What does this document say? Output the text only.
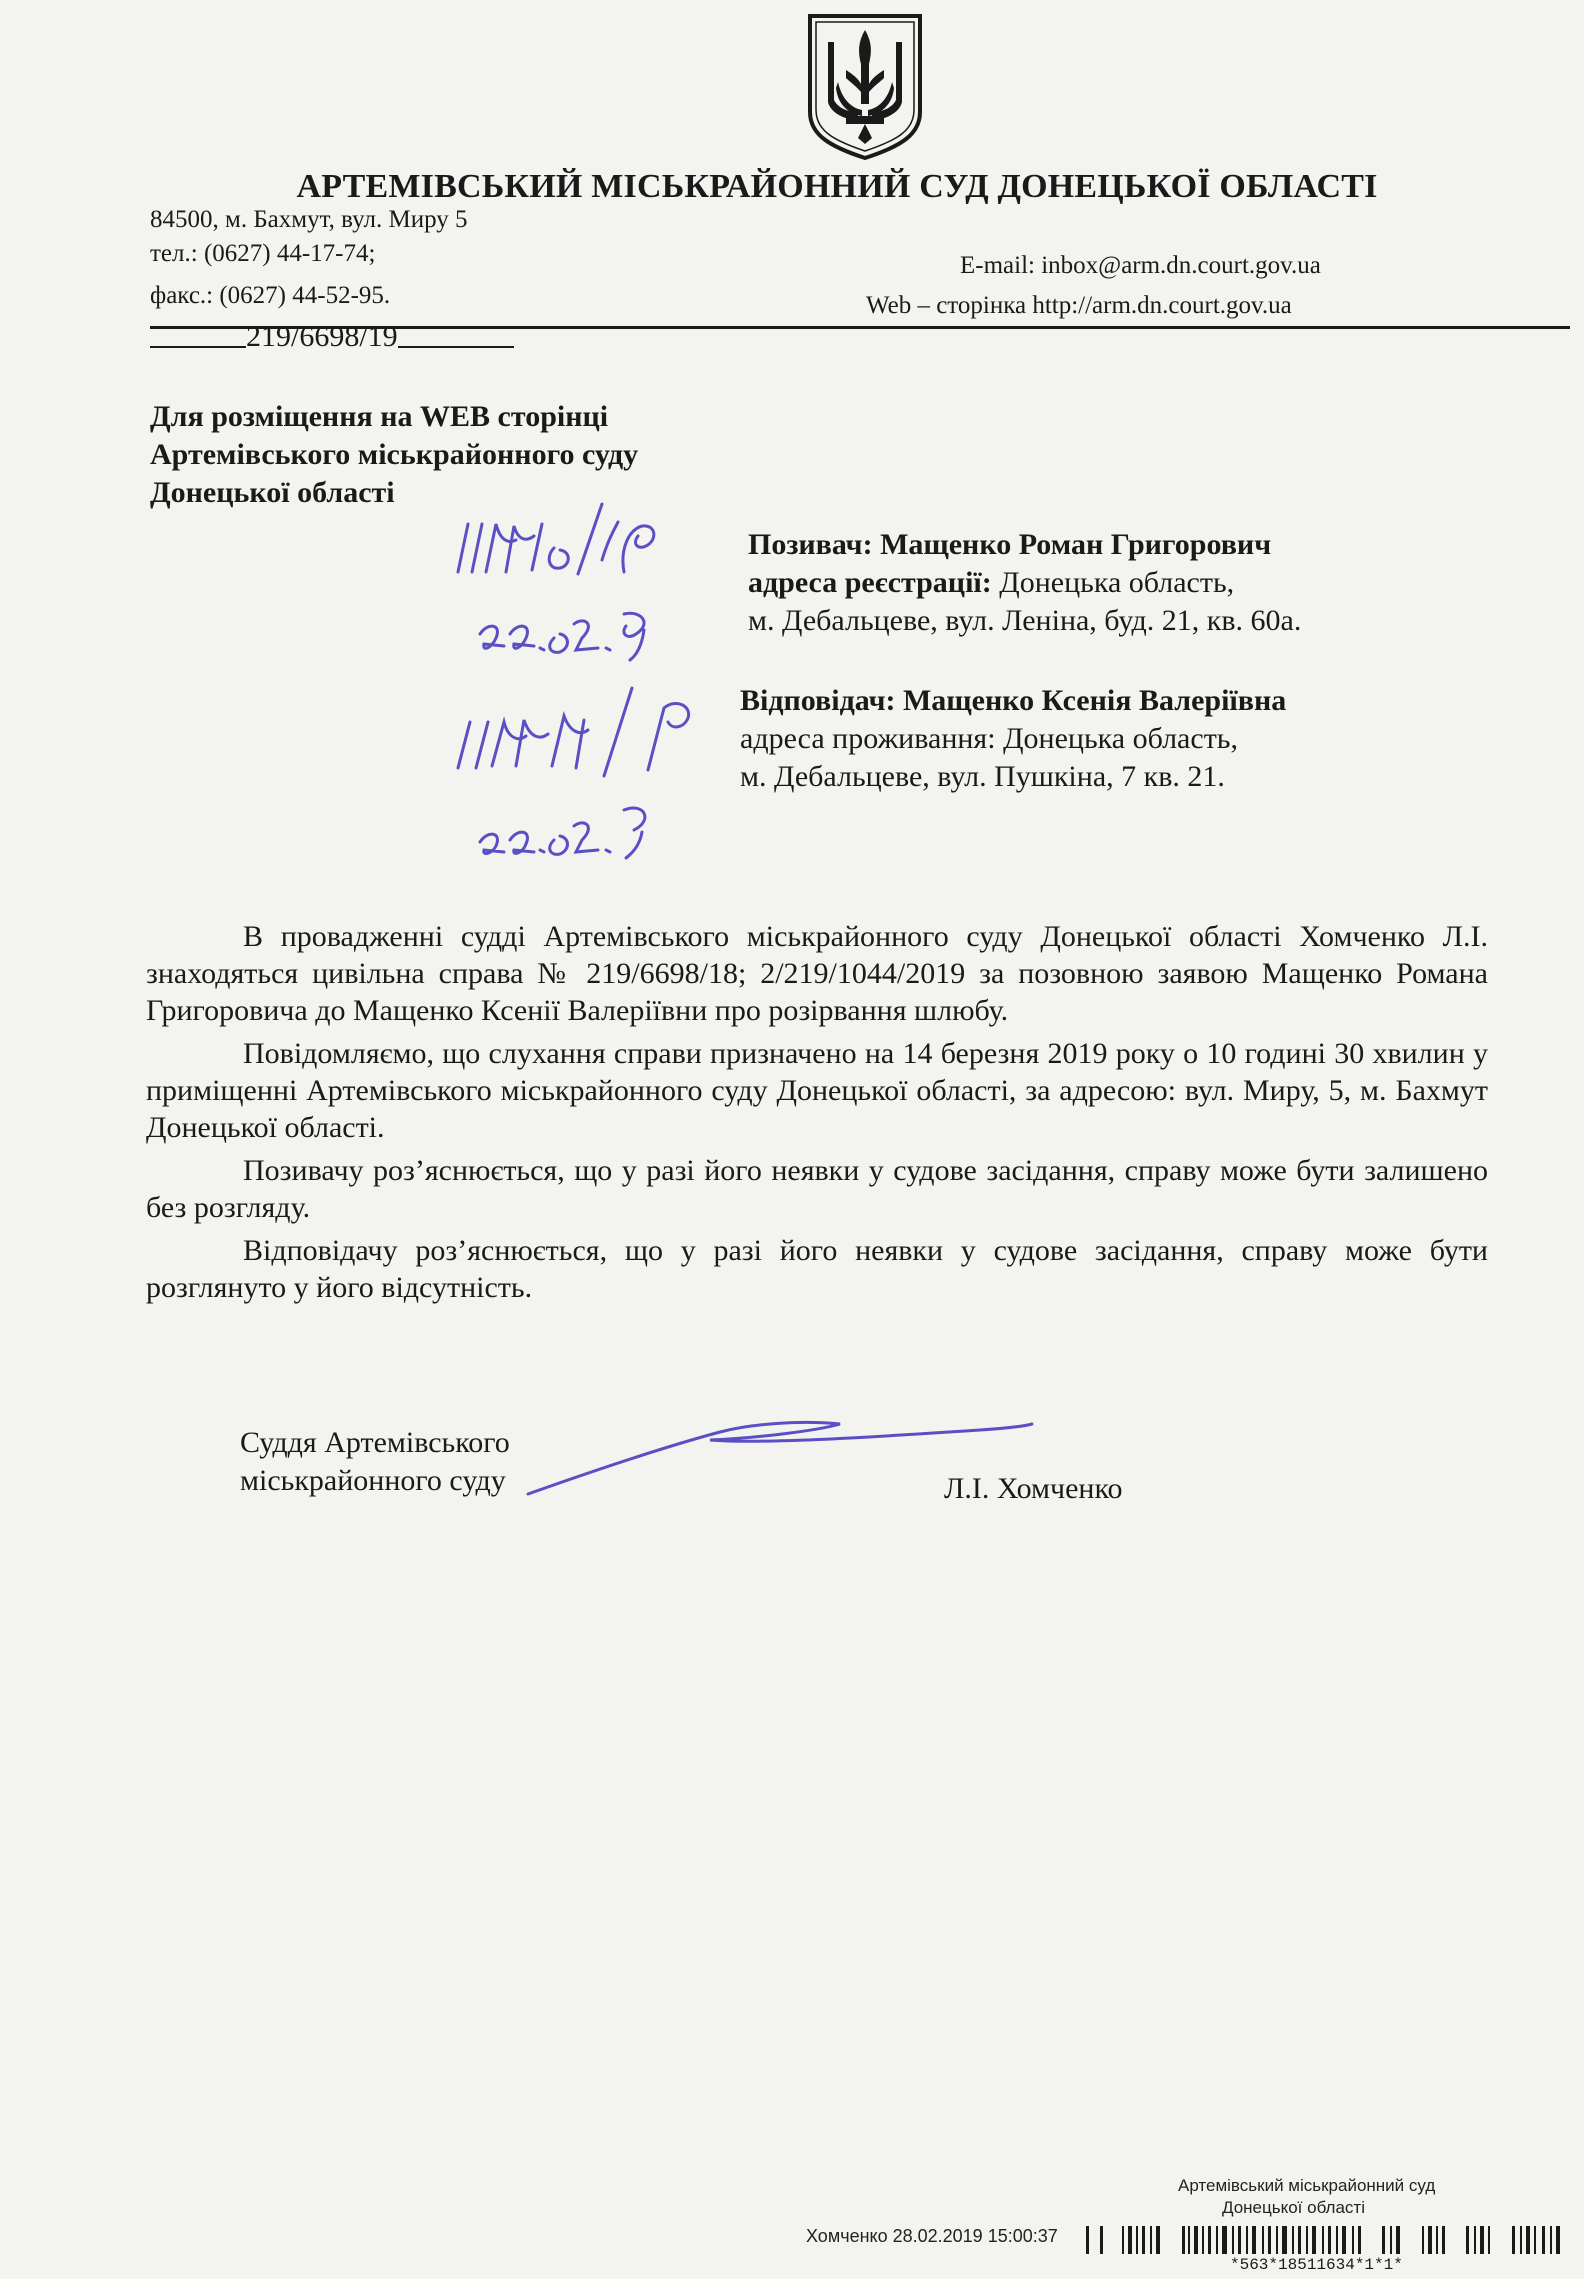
АРТЕМІВСЬКИЙ МІСЬКРАЙОННИЙ СУД ДОНЕЦЬКОЇ ОБЛАСТІ
84500, м. Бахмут, вул. Миру 5
тел.: (0627) 44-17-74;
факс.: (0627) 44-52-95.
E-mail: inbox@arm.dn.court.gov.ua
Web – сторінка http://arm.dn.court.gov.ua
219/6698/19
Для розміщення на WEB сторінці
Артемівського міськрайонного суду
Донецької області
Позивач: Мащенко Роман Григорович
адреса реєстрації: Донецька область,
м. Дебальцеве, вул. Леніна, буд. 21, кв. 60а.
Відповідач: Мащенко Ксенія Валеріївна
адреса проживання: Донецька область,
м. Дебальцеве, вул. Пушкіна, 7 кв. 21.

В провадженні судді Артемівського міськрайонного суду Донецької області Хомченко Л.І. знаходяться цивільна справа № 219/6698/18; 2/219/1044/2019 за позовною заявою Мащенко Романа Григоровича до Мащенко Ксенії Валеріївни про розірвання шлюбу.

Повідомляємо, що слухання справи призначено на 14 березня 2019 року о 10 годині 30 хвилин у приміщенні Артемівського міськрайонного суду Донецької області, за адресою: вул. Миру, 5, м. Бахмут Донецької області.

Позивачу роз’яснюється, що у разі його неявки у судове засідання, справу може бути залишено без розгляду.

Відповідачу роз’яснюється, що у разі його неявки у судове засідання, справу може бути розглянуто у його відсутність.

Суддя Артемівського
міськрайонного суду	Л.І. Хомченко
Артемівський міськрайонний суд
Донецької області
Хомченко 28.02.2019 15:00:37
*563*18511634*1*1*
